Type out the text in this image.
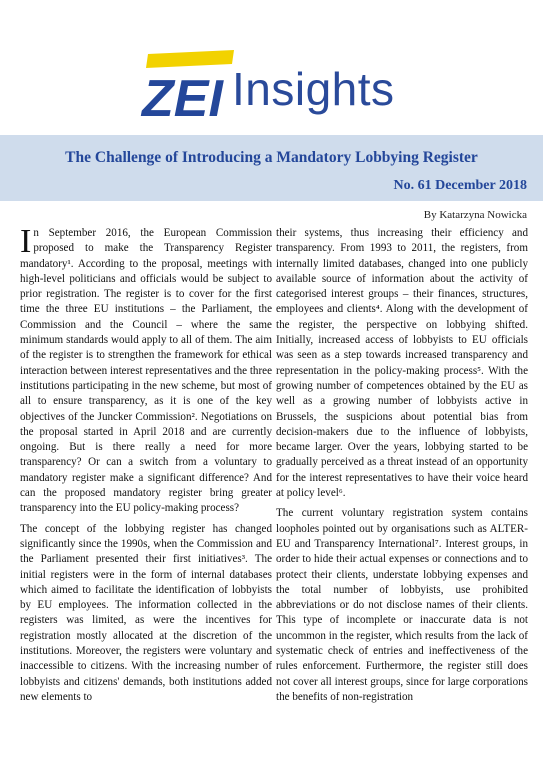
ZEI Insights
The Challenge of Introducing a Mandatory Lobbying Register
No. 61 December 2018
By Katarzyna Nowicka

In September 2016, the European Commission proposed to make the Transparency Register mandatory¹. According to the proposal, meetings with high-level politicians and officials would be subject to prior registration. The register is to cover for the first time the three EU institutions – the Parliament, the Commission and the Council – where the same minimum standards would apply to all of them. The aim of the register is to strengthen the framework for ethical interaction between interest representatives and the three institutions participating in the new scheme, but most of all to ensure transparency, as it is one of the key objectives of the Juncker Commission². Negotiations on the proposal started in April 2018 and are currently ongoing. But is there really a need for more transparency? Or can a switch from a voluntary to mandatory register make a significant difference? And can the proposed mandatory register bring greater transparency into the EU policy-making process?

The concept of the lobbying register has changed significantly since the 1990s, when the Commission and the Parliament presented their first initiatives³. The initial registers were in the form of internal databases which aimed to facilitate the identification of lobbyists by EU employees. The information collected in the registers was limited, as were the incentives for registration mostly allocated at the discretion of the institutions. Moreover, the registers were voluntary and inaccessible to citizens. With the increasing number of lobbyists and citizens' demands, both institutions added new elements to

their systems, thus increasing their efficiency and transparency. From 1993 to 2011, the registers, from internally limited databases, changed into one publicly available source of information about the activity of categorised interest groups – their finances, structures, employees and clients⁴. Along with the development of the register, the perspective on lobbying shifted. Initially, increased access of lobbyists to EU officials was seen as a step towards increased transparency and representation in the policy-making process⁵. With the growing number of competences obtained by the EU as well as a growing number of lobbyists active in Brussels, the suspicions about potential bias from decision-makers due to the influence of lobbyists, became larger. Over the years, lobbying started to be gradually perceived as a threat instead of an opportunity for the interest representatives to have their voice heard at policy level⁶.

The current voluntary registration system contains loopholes pointed out by organisations such as ALTER-EU and Transparency International⁷. Interest groups, in order to hide their actual expenses or connections and to protect their clients, understate lobbying expenses and the total number of lobbyists, use prohibited abbreviations or do not disclose names of their clients. This type of incomplete or inaccurate data is not uncommon in the register, which results from the lack of systematic check of entries and ineffectiveness of the rules enforcement. Furthermore, the register still does not cover all interest groups, since for large corporations the benefits of non-registration
